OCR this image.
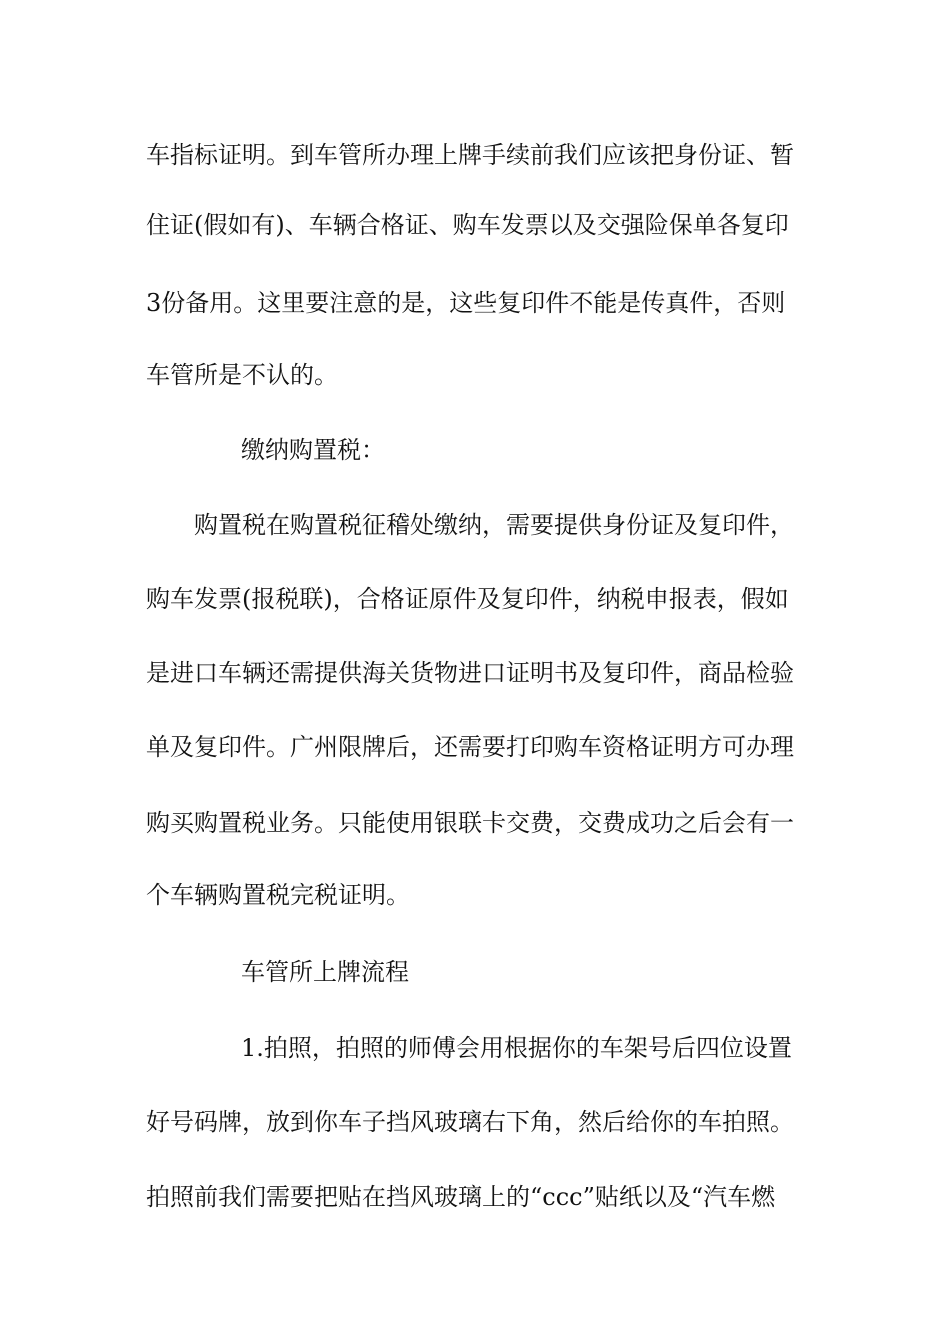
车指标证明。到车管所办理上牌手续前我们应该把身份证、暂
住证(假如有)、车辆合格证、购车发票以及交强险保单各复印
3份备用。这里要注意的是，这些复印件不能是传真件，否则
车管所是不认的。
缴纳购置税：
购置税在购置税征稽处缴纳，需要提供身份证及复印件，
购车发票(报税联)，合格证原件及复印件，纳税申报表，假如
是进口车辆还需提供海关货物进口证明书及复印件，商品检验
单及复印件。广州限牌后，还需要打印购车资格证明方可办理
购买购置税业务。只能使用银联卡交费，交费成功之后会有一
个车辆购置税完税证明。
车管所上牌流程
1.拍照，拍照的师傅会用根据你的车架号后四位设置
好号码牌，放到你车子挡风玻璃右下角，然后给你的车拍照。
拍照前我们需要把贴在挡风玻璃上的“ccc”贴纸以及“汽车燃
